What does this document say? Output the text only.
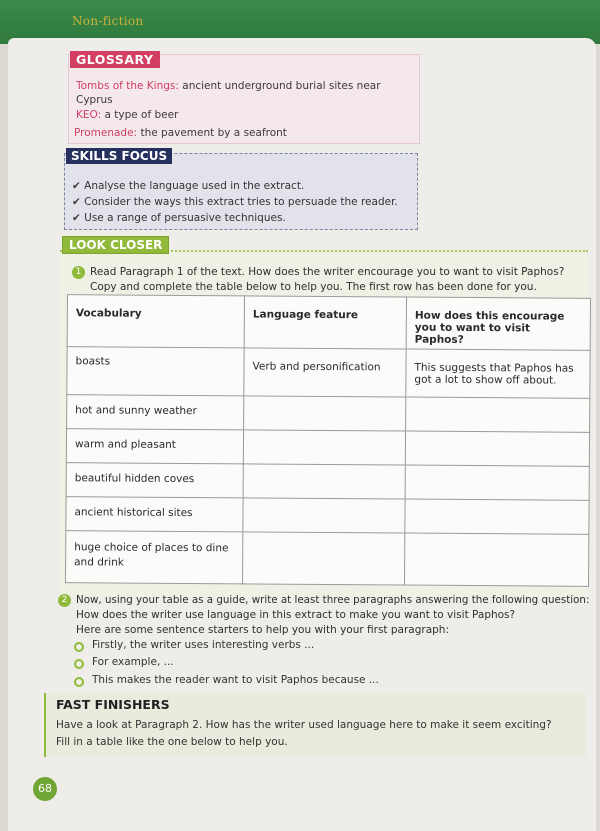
Non-fiction
GLOSSARY
Tombs of the Kings: ancient underground burial sites near
Cyprus
KEO: a type of beer
Promenade: the pavement by a seafront
SKILLS FOCUS
✔ Analyse the language used in the extract.
✔ Consider the ways this extract tries to persuade the reader.
✔ Use a range of persuasive techniques.
LOOK CLOSER
1 Read Paragraph 1 of the text. How does the writer encourage you to want to visit Paphos?
Copy and complete the table below to help you. The first row has been done for you.
Vocabulary	Language feature	How does this encourage you to want to visit Paphos?
boasts	Verb and personification	This suggests that Paphos has got a lot to show off about.
hot and sunny weather		
warm and pleasant		
beautiful hidden coves		
ancient historical sites		
huge choice of places to dine and drink		
2 Now, using your table as a guide, write at least three paragraphs answering the following question:
How does the writer use language in this extract to make you want to visit Paphos?
Here are some sentence starters to help you with your first paragraph:
Firstly, the writer uses interesting verbs ...
For example, ...
This makes the reader want to visit Paphos because ...
FAST FINISHERS
Have a look at Paragraph 2. How has the writer used language here to make it seem exciting?
Fill in a table like the one below to help you.
68
